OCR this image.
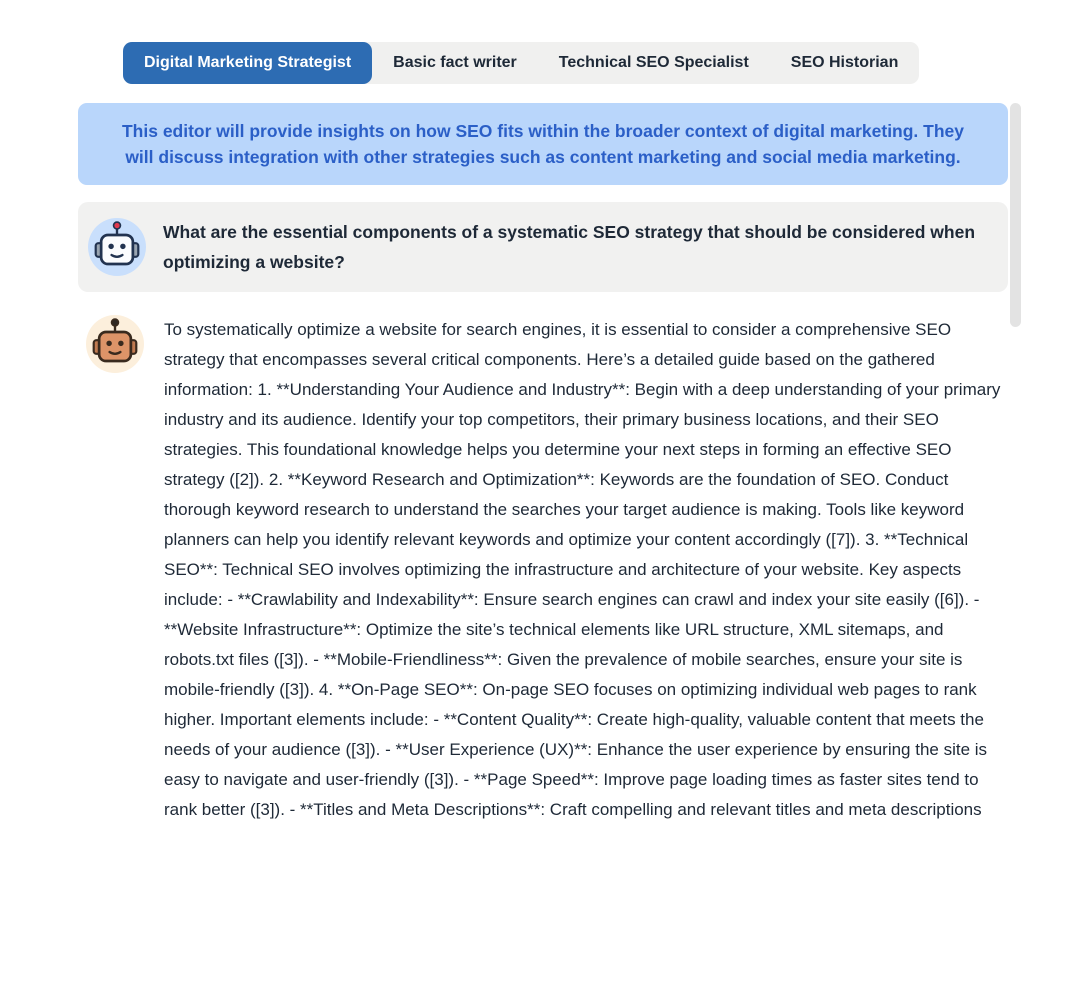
Digital Marketing Strategist	Basic fact writer	Technical SEO Specialist	SEO Historian
This editor will provide insights on how SEO fits within the broader context of digital marketing. They will discuss integration with other strategies such as content marketing and social media marketing.
What are the essential components of a systematic SEO strategy that should be considered when optimizing a website?
To systematically optimize a website for search engines, it is essential to consider a comprehensive SEO strategy that encompasses several critical components. Here’s a detailed guide based on the gathered information: 1. **Understanding Your Audience and Industry**: Begin with a deep understanding of your primary industry and its audience. Identify your top competitors, their primary business locations, and their SEO strategies. This foundational knowledge helps you determine your next steps in forming an effective SEO strategy ([2]). 2. **Keyword Research and Optimization**: Keywords are the foundation of SEO. Conduct thorough keyword research to understand the searches your target audience is making. Tools like keyword planners can help you identify relevant keywords and optimize your content accordingly ([7]). 3. **Technical SEO**: Technical SEO involves optimizing the infrastructure and architecture of your website. Key aspects include: - **Crawlability and Indexability**: Ensure search engines can crawl and index your site easily ([6]). - **Website Infrastructure**: Optimize the site’s technical elements like URL structure, XML sitemaps, and robots.txt files ([3]). - **Mobile-Friendliness**: Given the prevalence of mobile searches, ensure your site is mobile-friendly ([3]). 4. **On-Page SEO**: On-page SEO focuses on optimizing individual web pages to rank higher. Important elements include: - **Content Quality**: Create high-quality, valuable content that meets the needs of your audience ([3]). - **User Experience (UX)**: Enhance the user experience by ensuring the site is easy to navigate and user-friendly ([3]). - **Page Speed**: Improve page loading times as faster sites tend to rank better ([3]). - **Titles and Meta Descriptions**: Craft compelling and relevant titles and meta descriptions
